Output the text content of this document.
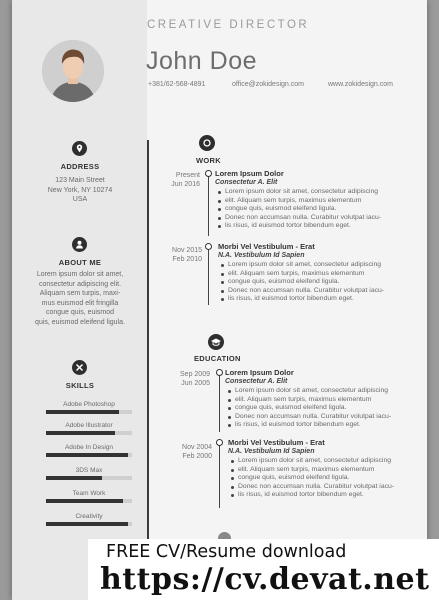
CREATIVE DIRECTOR
John Doe
+381/62-568-4891	office@zokidesign.com	www.zokidesign.com
ADDRESS
123 Main Street
New York, NY 10274
USA
ABOUT ME
Lorem ipsum dolor sit amet,
consectetur adipiscing elit.
Aliquam sem turpis, maxi-
mus euismod elit fringilla
congue quis, euismod
quis, euismod eleifend ligula.
SKILLS
Adobe Photoshop
Adobe Illustrator
Adobe In Design
3DS Max
Team Work
Creativity
WORK
Present
Jun 2016
Lorem Ipsum Dolor
Consectetur A. Elit
Lorem ipsum dolor sit amet, consectetur adipiscing
elit. Aliquam sem turpis, maximus elementum
congue quis, euismod eleifend ligula.
Donec non accumsan nulla. Curabitur volutpat iacu-
lis risus, id euismod tortor bibendum eget.
Nov 2015
Feb 2010
Morbi Vel Vestibulum - Erat
N.A. Vestibulum Id Sapien
Lorem ipsum dolor sit amet, consectetur adipiscing
elit. Aliquam sem turpis, maximus elementum
congue quis, euismod eleifend ligula.
Donec non accumsan nulla. Curabitur volutpat iacu-
lis risus, id euismod tortor bibendum eget.
EDUCATION
Sep 2009
Jun 2005
Lorem Ipsum Dolor
Consectetur A. Elit
Lorem ipsum dolor sit amet, consectetur adipiscing
elit. Aliquam sem turpis, maximus elementum
congue quis, euismod eleifend ligula.
Donec non accumsan nulla. Curabitur volutpat iacu-
lis risus, id euismod tortor bibendum eget.
Nov 2004
Feb 2000
Morbi Vel Vestibulum - Erat
N.A. Vestibulum Id Sapien
Lorem ipsum dolor sit amet, consectetur adipiscing
elit. Aliquam sem turpis, maximus elementum
congue quis, euismod eleifend ligula.
Donec non accumsan nulla. Curabitur volutpat iacu-
lis risus, id euismod tortor bibendum eget.
FREE CV/Resume download
https://cv.devat.net
